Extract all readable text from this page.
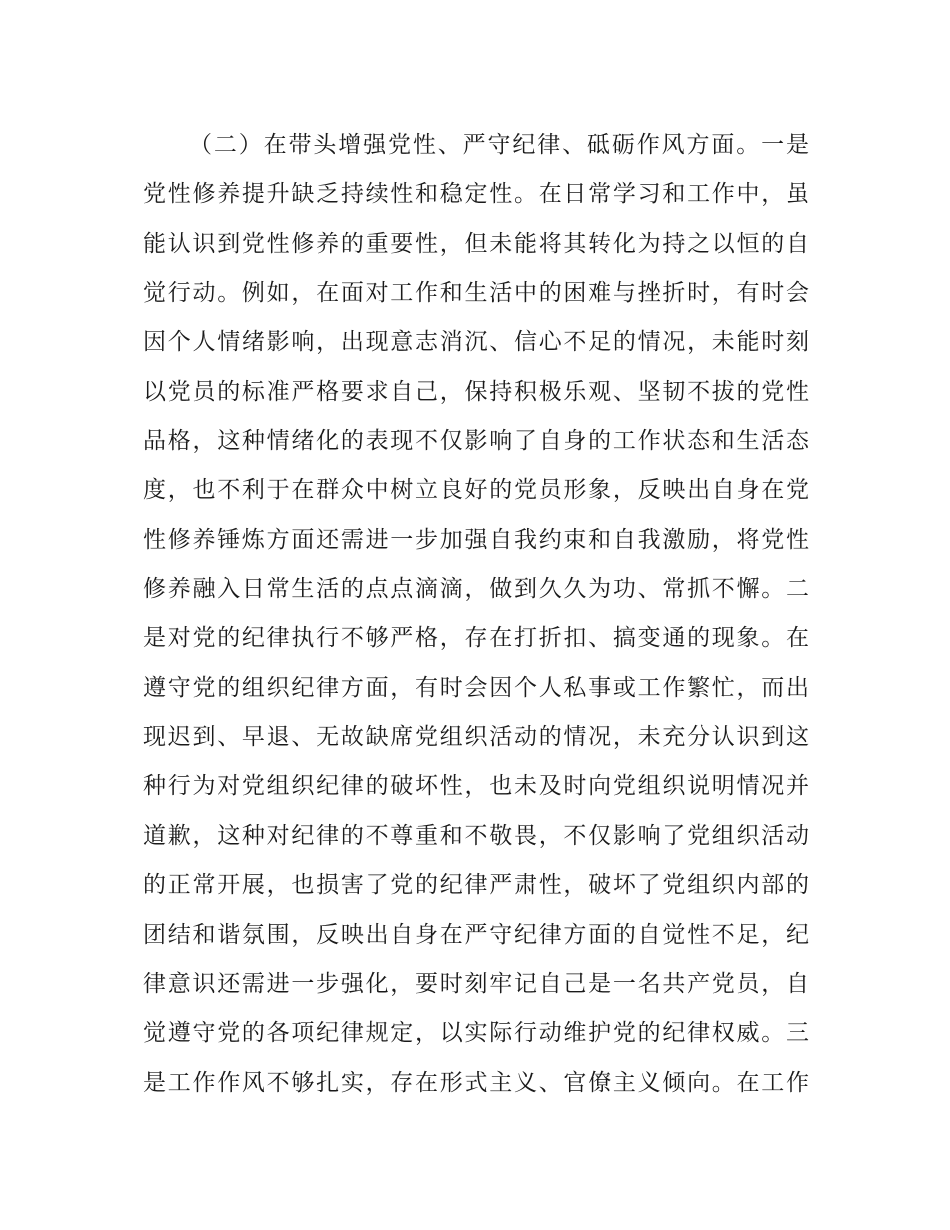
（二）在带头增强党性、严守纪律、砥砺作风方面。一是
党性修养提升缺乏持续性和稳定性。在日常学习和工作中，虽
能认识到党性修养的重要性，但未能将其转化为持之以恒的自
觉行动。例如，在面对工作和生活中的困难与挫折时，有时会
因个人情绪影响，出现意志消沉、信心不足的情况，未能时刻
以党员的标准严格要求自己，保持积极乐观、坚韧不拔的党性
品格，这种情绪化的表现不仅影响了自身的工作状态和生活态
度，也不利于在群众中树立良好的党员形象，反映出自身在党
性修养锤炼方面还需进一步加强自我约束和自我激励，将党性
修养融入日常生活的点点滴滴，做到久久为功、常抓不懈。二
是对党的纪律执行不够严格，存在打折扣、搞变通的现象。在
遵守党的组织纪律方面，有时会因个人私事或工作繁忙，而出
现迟到、早退、无故缺席党组织活动的情况，未充分认识到这
种行为对党组织纪律的破坏性，也未及时向党组织说明情况并
道歉，这种对纪律的不尊重和不敬畏，不仅影响了党组织活动
的正常开展，也损害了党的纪律严肃性，破坏了党组织内部的
团结和谐氛围，反映出自身在严守纪律方面的自觉性不足，纪
律意识还需进一步强化，要时刻牢记自己是一名共产党员，自
觉遵守党的各项纪律规定，以实际行动维护党的纪律权威。三
是工作作风不够扎实，存在形式主义、官僚主义倾向。在工作
